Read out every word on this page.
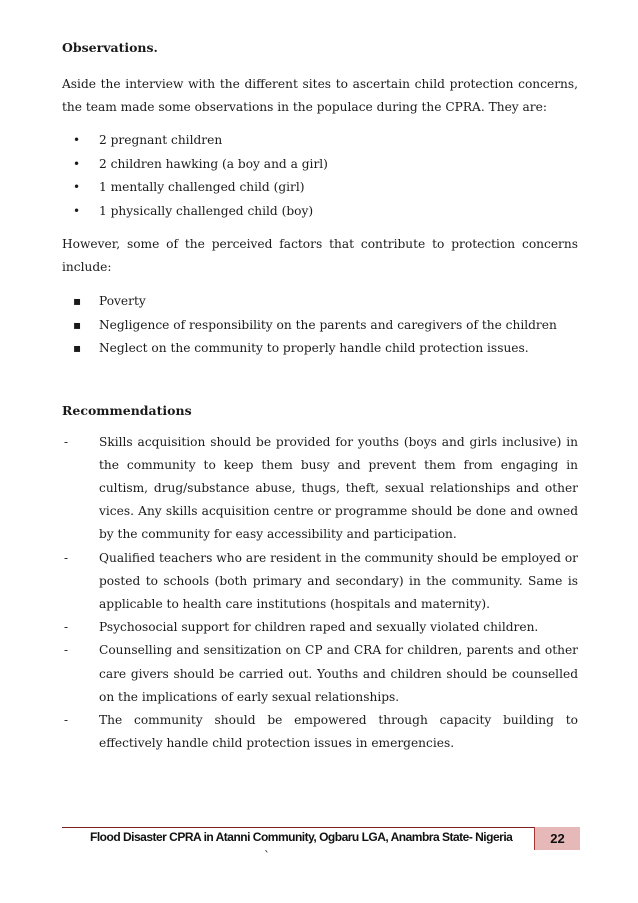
Observations.

Aside the interview with the different sites to ascertain child protection concerns, the team made some observations in the populace during the CPRA. They are:

• 2 pregnant children
• 2 children hawking (a boy and a girl)
• 1 mentally challenged child (girl)
• 1 physically challenged child (boy)

However, some of the perceived factors that contribute to protection concerns include:

▪ Poverty
▪ Negligence of responsibility on the parents and caregivers of the children
▪ Neglect on the community to properly handle child protection issues.

Recommendations

-	Skills acquisition should be provided for youths (boys and girls inclusive) in the community to keep them busy and prevent them from engaging in cultism, drug/substance abuse, thugs, theft, sexual relationships and other vices. Any skills acquisition centre or programme should be done and owned by the community for easy accessibility and participation.
-	Qualified teachers who are resident in the community should be employed or posted to schools (both primary and secondary) in the community. Same is applicable to health care institutions (hospitals and maternity).
-	Psychosocial support for children raped and sexually violated children.
-	Counselling and sensitization on CP and CRA for children, parents and other care givers should be carried out. Youths and children should be counselled on the implications of early sexual relationships.
-	The community should be empowered through capacity building to effectively handle child protection issues in emergencies.
Flood Disaster CPRA in Atanni Community, Ogbaru LGA, Anambra State- Nigeria	22
`
